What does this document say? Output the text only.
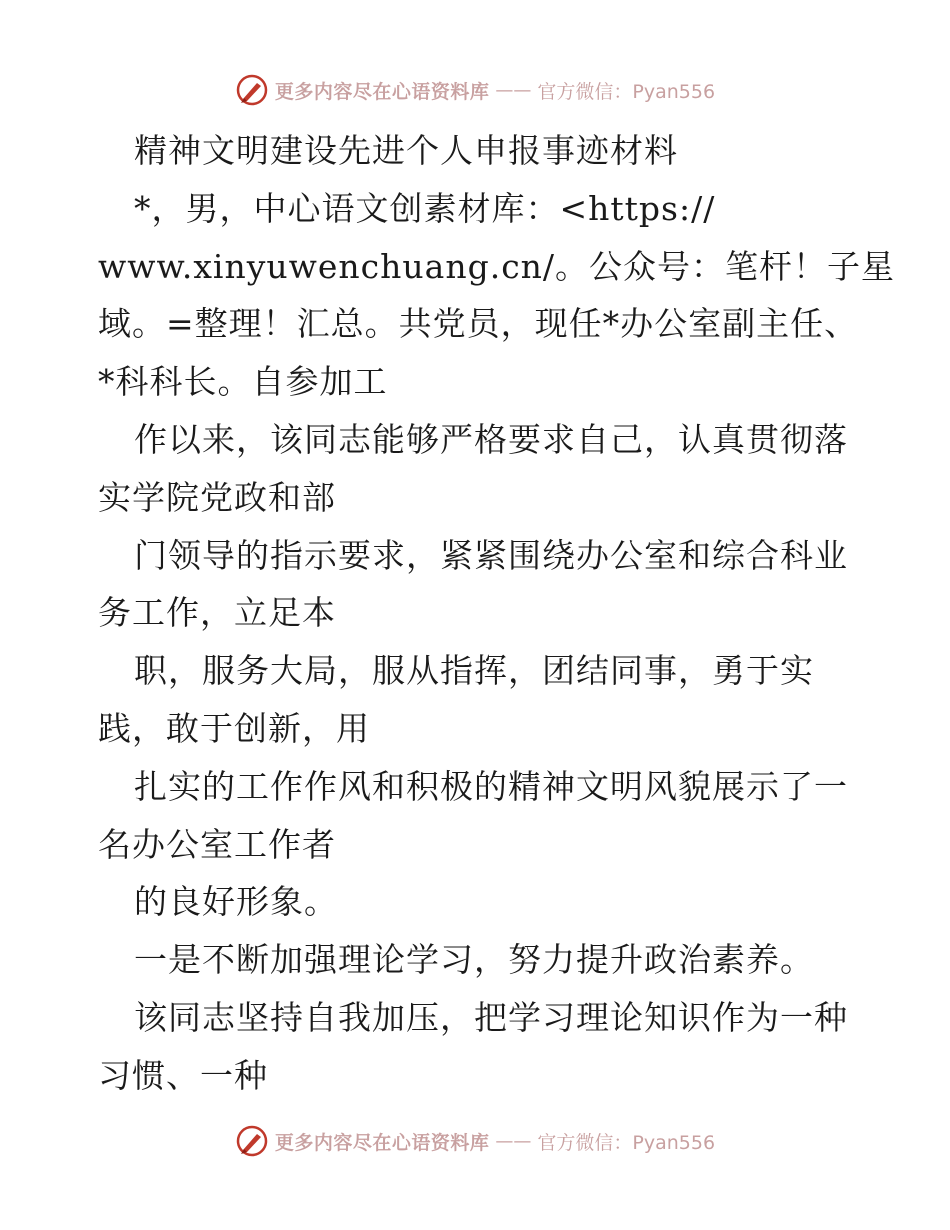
更多内容尽在心语资料库 —— 官方微信：Pyan556
精神文明建设先进个人申报事迹材料
*，男，中心语文创素材库：<https://
www.xinyuwenchuang.cn/。公众号：笔杆！子星
域。=整理！汇总。共党员，现任*办公室副主任、
*科科长。自参加工
作以来，该同志能够严格要求自己，认真贯彻落
实学院党政和部
门领导的指示要求，紧紧围绕办公室和综合科业
务工作，立足本
职，服务大局，服从指挥，团结同事，勇于实
践，敢于创新，用
扎实的工作作风和积极的精神文明风貌展示了一
名办公室工作者
的良好形象。
一是不断加强理论学习，努力提升政治素养。
该同志坚持自我加压，把学习理论知识作为一种
习惯、一种
更多内容尽在心语资料库 —— 官方微信：Pyan556
